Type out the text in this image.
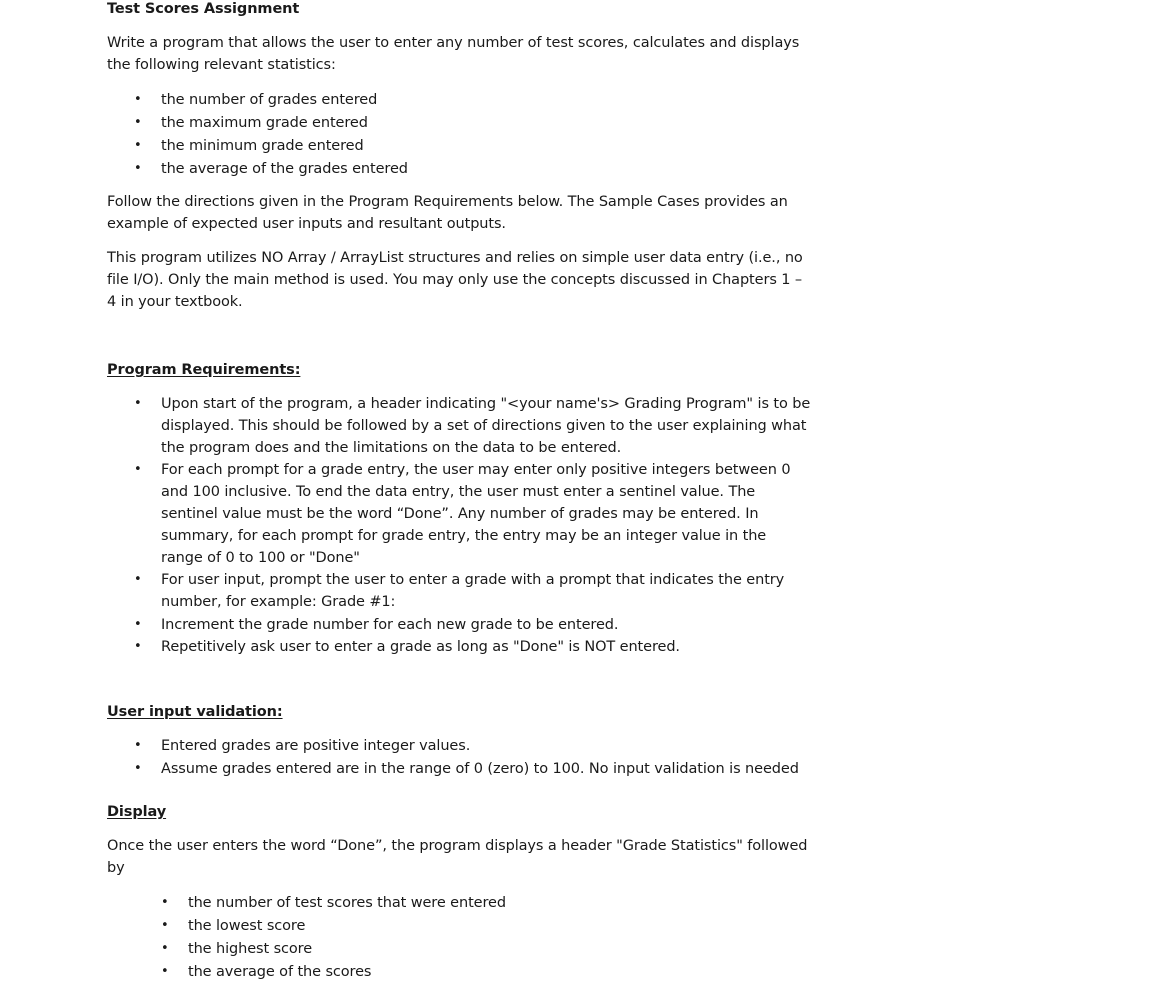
Test Scores Assignment

Write a program that allows the user to enter any number of test scores, calculates and displays the following relevant statistics:

• the number of grades entered
• the maximum grade entered
• the minimum grade entered
• the average of the grades entered

Follow the directions given in the Program Requirements below. The Sample Cases provides an example of expected user inputs and resultant outputs.

This program utilizes NO Array / ArrayList structures and relies on simple user data entry (i.e., no file I/O). Only the main method is used. You may only use the concepts discussed in Chapters 1 – 4 in your textbook.

Program Requirements:

• Upon start of the program, a header indicating "<your name's> Grading Program" is to be displayed. This should be followed by a set of directions given to the user explaining what the program does and the limitations on the data to be entered.
• For each prompt for a grade entry, the user may enter only positive integers between 0 and 100 inclusive. To end the data entry, the user must enter a sentinel value. The sentinel value must be the word “Done”. Any number of grades may be entered. In summary, for each prompt for grade entry, the entry may be an integer value in the range of 0 to 100 or "Done"
• For user input, prompt the user to enter a grade with a prompt that indicates the entry number, for example: Grade #1:
• Increment the grade number for each new grade to be entered.
• Repetitively ask user to enter a grade as long as "Done" is NOT entered.

User input validation:

• Entered grades are positive integer values.
• Assume grades entered are in the range of 0 (zero) to 100. No input validation is needed

Display

Once the user enters the word “Done”, the program displays a header "Grade Statistics" followed by

• the number of test scores that were entered
• the lowest score
• the highest score
• the average of the scores
